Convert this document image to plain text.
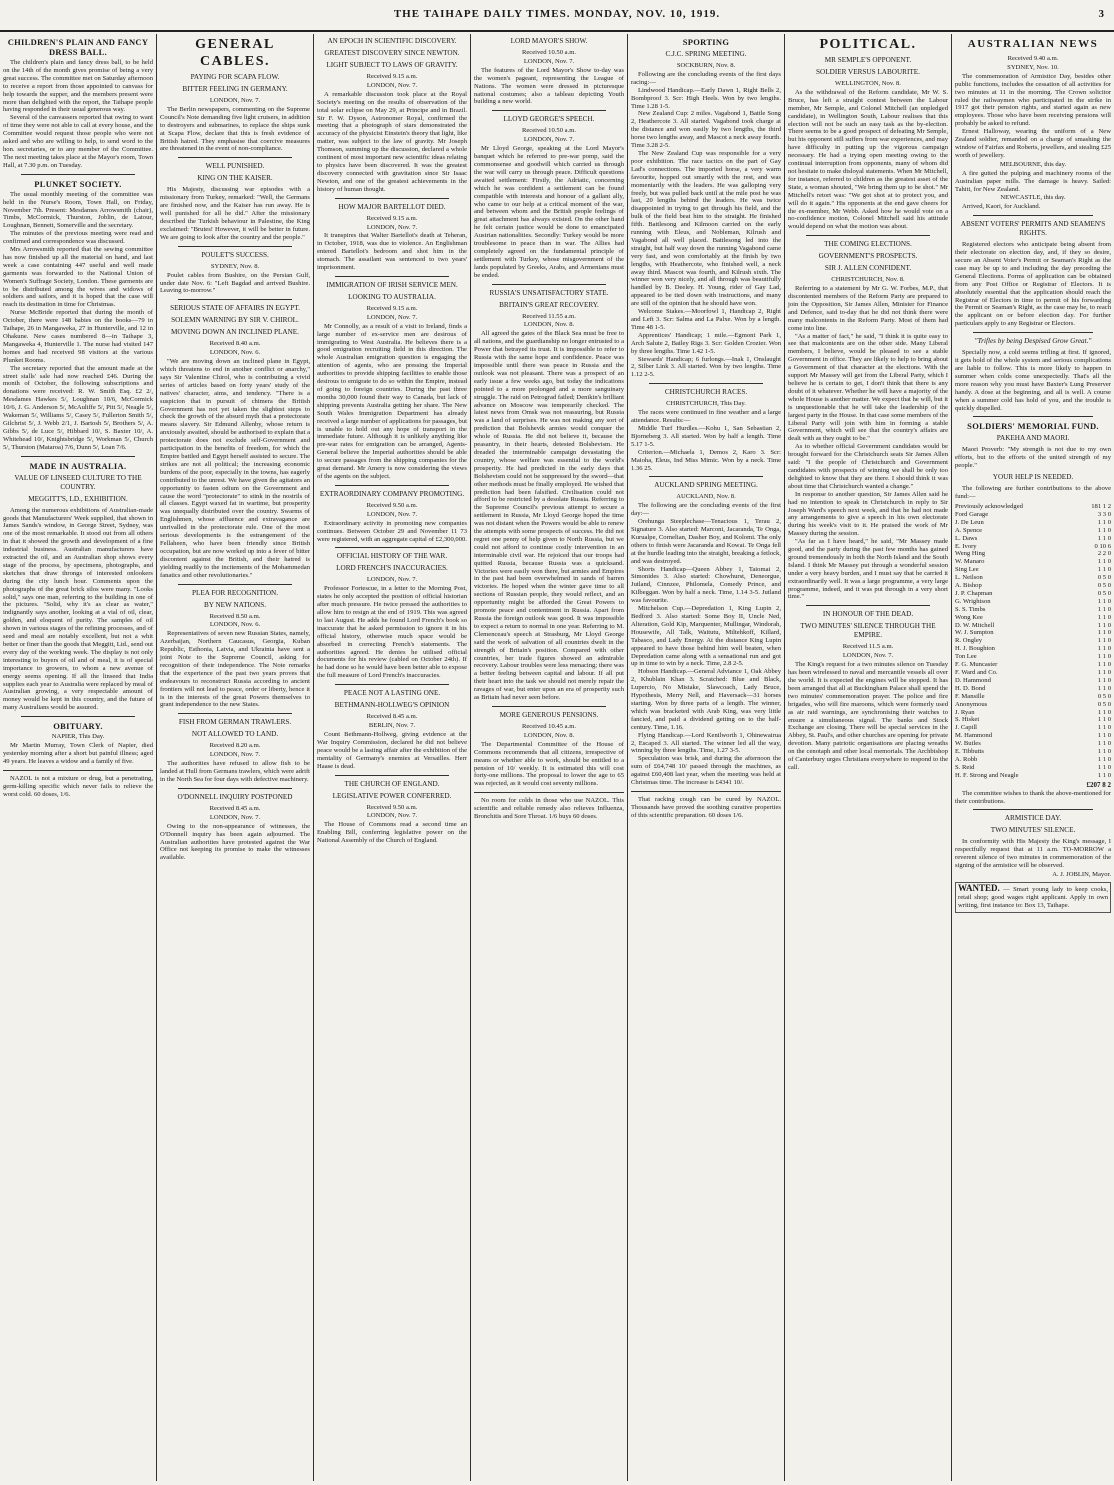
THE TAIHAPE DAILY TIMES. MONDAY, NOV. 10, 1919.	3
CHILDREN'S PLAIN AND FANCY DRESS BALL.

The children's plain and fancy dress ball, to be held on the 14th of the month gives promise of being a very great success. The committee met on Saturday afternoon to receive a report from those appointed to canvass for help towards the supper, and the members present were more than delighted with the report, the Taihape people having responded in their usual generous way.

Several of the canvassers reported that owing to want of time they were not able to call at every house, and the Committee would request those people who were not asked and who are willing to help, to send word to the hon. secretaries, or to any member of the Committee. The next meeting takes place at the Mayor's room, Town Hall, at 7.30 p.m. on Tuesday.

PLUNKET SOCIETY.

The usual monthly meeting of the committee was held in the Nurse's Room, Town Hall, on Friday, November 7th. Present: Mesdames Arrowsmith (chair), Timbs, McCormick, Thurston, Joblin, de Latour, Loughnan, Bennett, Somerville and the secretary.

The minutes of the previous meeting were read and confirmed and correspondence was discussed.

Mrs Arrowsmith reported that the sewing committee has now finished up all the material on hand, and last week a case containing 447 useful and well made garments was forwarded to the National Union of Women's Suffrage Society, London. These garments are to be distributed among the wives and widows of soldiers and sailors, and it is hoped that the case will reach its destination in time for Christmas.

Nurse McBride reported that during the month of October, there were 148 babies on the books—79 in Taihape, 26 in Mangaweka, 27 in Hunterville, and 12 in Ohakune. New cases numbered 8—in Taihape 3, Mangaweka 4, Hunterville 1. The nurse had visited 147 homes and had received 98 visitors at the various Plunket Rooms.

The secretary reported that the amount made at the street stalls' sale had now reached £46. During the month of October, the following subscriptions and donations were received: R. W. Smith Esq. £2 2/, Mesdames Hawkes 5/, Loughnan 10/6, McCormick 10/6, J. G. Anderson 5/, McAuliffe 5/, Pitt 5/, Neagle 5/, Wakeman 5/, Williams 5/, Casey 5/, Fullerton Smith 5/, Gilchrist 5/, J. Webb 2/1, J. Bartosh 5/, Brothers 5/, A. Gibbs 5/, de Luce 5/, Hibbard 10/, S. Baxter 10/, A. Whitehead 10/, Knightsbridge 5/, Workman 5/, Church 5/, Thurston (Mataroa) 7/6, Dunn 5/, Loan 7/6.

MADE IN AUSTRALIA.
VALUE OF LINSEED CULTURE TO THE COUNTRY.
MEGGITT'S, LD., EXHIBITION.

Among the numerous exhibitions of Australian-made goods that Manufacturers' Week supplied, that shown in James Sands's window, in George Street, Sydney, was one of the most remarkable. It stood out from all others in that it showed the growth and development of a fine industrial business. Australian manufacturers have extracted the oil, and an Australian shop shows every stage of the process, by specimens, photographs, and sketches that draw throngs of interested onlookers during the city lunch hour. Comments upon the photographs of the great brick silos were many. "Looks solid," says one man, referring to the building in one of the pictures. "Solid, why it's as clear as water," indignantly says another, looking at a vial of oil, clear, golden, and eloquent of purity. The samples of oil shown in various stages of the refining processes, and of seed and meal are notably excellent, but not a whit better or finer than the goods that Meggitt, Ltd., send out every day of the working week. The display is not only interesting to buyers of oil and of meal, it is of special importance to growers, to whom a new avenue of energy seems opening. If all the linseed that India supplies each year to Australia were replaced by meal of Australian growing, a very respectable amount of money would be kept in this country, and the future of many Australians would be assured.

OBITUARY.
NAPIER, This Day.

Mr Martin Murray, Town Clerk of Napier, died yesterday morning after a short but painful illness; aged 49 years. He leaves a widow and a family of five.

NAZOL is not a mixture or drug, but a penetrating, germ-killing specific which never fails to relieve the worst cold. 60 doses, 1/6.

GENERAL CABLES.
PAYING FOR SCAPA FLOW.
BITTER FEELING IN GERMANY.
LONDON, Nov. 7.

The Berlin newspapers, commenting on the Supreme Council's Note demanding five light cruisers, in addition to destroyers and submarines, to replace the ships sunk at Scapa Flow, declare that this is fresh evidence of British hatred. They emphasise that coercive measures are threatened in the event of non-compliance.

WELL PUNISHED.
KING ON THE KAISER.

His Majesty, discussing war episodes with a missionary from Turkey, remarked: "Well, the Germans are finished now, and the Kaiser has run away. He is well punished for all he did." After the missionary described the Turkish behaviour in Palestine, the King exclaimed: "Brutes! However, it will be better in future. We are going to look after the country and the people."

POULET'S SUCCESS.
SYDNEY, Nov. 8.

Poulet cables from Bushire, on the Persian Gulf, under date Nov. 6: "Left Bagdad and arrived Bushire. Leaving to-morrow."

SERIOUS STATE OF AFFAIRS IN EGYPT.
SOLEMN WARNING BY SIR V. CHIROL.
MOVING DOWN AN INCLINED PLANE.
Received 8.40 a.m.
LONDON, Nov. 6.

"We are moving down an inclined plane in Egypt, which threatens to end in another conflict or anarchy," says Sir Valentine Chirol, who is contributing a vivid series of articles based on forty years' study of the natives' character, aims, and tendency. "There is a suspicion that in pursuit of chimera the British Government has not yet taken the slightest steps to check the growth of the absurd myth that a protectorate means slavery. Sir Edmund Allenby, whose return is anxiously awaited, should be authorised to explain that a protectorate does not exclude self-Government and participation in the benefits of freedom, for which the Empire battled and Egypt herself assisted to secure. The strikes are not all political; the increasing economic burdens of the poor, especially in the towns, has eagerly contributed to the unrest. We have given the agitators an opportunity to fasten odium on the Government and cause the word "protectorate" to stink in the nostrils of all classes. Egypt waxed fat in wartime, but prosperity was unequally distributed over the country. Swarms of Englishmen, whose affluence and extravagance are unrivalled in the protectorate rule. One of the most serious developments is the estrangement of the Fellaheen, who have been friendly since British occupation, but are now worked up into a fever of bitter discontent against the British, and their hatred is yielding readily to the incitements of the Mohammedan fanatics and other revolutionaries."

PLEA FOR RECOGNITION.
BY NEW NATIONS.
Received 8.50 a.m.
LONDON, Nov. 6.

Representatives of seven new Russian States, namely, Azerbaijan, Northern Caucasus, Georgia, Kuban Republic, Esthonia, Latvia, and Ukrainia have sent a joint Note to the Supreme Council, asking for recognition of their independence. The Note remarks that the experience of the past two years proves that endeavours to reconstruct Russia according to ancient frontiers will not lead to peace, order or liberty, hence it is in the interests of the great Powers themselves to grant independence to the new States.

FISH FROM GERMAN TRAWLERS.
NOT ALLOWED TO LAND.
Received 8.20 a.m.
LONDON, Nov. 7.

The authorities have refused to allow fish to be landed at Hull from Germans trawlers, which were adrift in the North Sea for four days with defective machinery.

O'DONNELL INQUIRY POSTPONED
Received 8.45 a.m.
LONDON, Nov. 7.

Owing to the non-appearance of witnesses, the O'Donnell inquiry has been again adjourned. The Australian authorities have protested against the War Office not keeping its promise to make the witnesses available.

AN EPOCH IN SCIENTIFIC DISCOVERY.
GREATEST DISCOVERY SINCE NEWTON.
LIGHT SUBJECT TO LAWS OF GRAVITY.
Received 9.15 a.m.
LONDON, Nov. 7.

A remarkable discussion took place at the Royal Society's meeting on the results of observation of the total solar eclipse on May 29, at Principe and in Brazil. Sir F. W. Dyson, Astronomer Royal, confirmed the meeting that a photograph of stars demonstrated the accuracy of the physicist Einstein's theory that light, like matter, was subject to the law of gravity. Mr Joseph Thomson, summing up the discussion, declared a whole continent of most important new scientific ideas relating to physics have been discovered. It was the greatest discovery connected with gravitation since Sir Isaac Newton, and one of the greatest achievements in the history of human thought.

HOW MAJOR BARTELLOT DIED.
Received 9.15 a.m.
LONDON, Nov. 7.

It transpires that Walter Bartellot's death at Teheran, in October, 1918, was due to violence. An Englishman entered Bartellot's bedroom and shot him in the stomach. The assailant was sentenced to two years' imprisonment.

IMMIGRATION OF IRISH SERVICE MEN.
LOOKING TO AUSTRALIA.
Received 9.15 a.m.
LONDON, Nov. 7.

Mr Connolly, as a result of a visit to Ireland, finds a large number of ex-service men are desirous of immigrating to West Australia. He believes there is a good emigration recruiting field in this direction. The whole Australian emigration question is engaging the attention of agents, who are pressing the Imperial authorities to provide shipping facilities to enable those desirous to emigrate to do so within the Empire, instead of going to foreign countries. During the past three months 30,000 found their way to Canada, but lack of shipping prevents Australia getting her share. The New South Wales Immigration Department has already received a large number of applications for passages, but is unable to hold out any hope of transport in the immediate future. Although it is unlikely anything like pre-war rates for emigration can be arranged, Agents-General believe the Imperial authorities should be able to secure passages from the shipping companies for the great demand. Mr Amery is now considering the views of the agents on the subject.

EXTRAORDINARY COMPANY PROMOTING.
Received 9.50 a.m.
LONDON, Nov. 7.

Extraordinary activity in promoting new companies continues. Between October 29 and November 11 73 were registered, with an aggregate capital of £2,300,000.

OFFICIAL HISTORY OF THE WAR.
LORD FRENCH'S INACCURACIES.
LONDON, Nov. 7.

Professor Fortescue, in a letter to the Morning Post, states he only accepted the position of official historian after much pressure. He twice pressed the authorities to allow him to resign at the end of 1919. This was agreed to last August. He adds he found Lord French's book so inaccurate that he asked permission to ignore it in his official history, otherwise much space would be absorbed in correcting French's statements. The authorities agreed. He denies he utilised official documents for his review (cabled on October 24th). If he had done so he would have been better able to expose the full measure of Lord French's inaccuracies.

PEACE NOT A LASTING ONE.
BETHMANN-HOLLWEG'S OPINION
Received 8.45 a.m.
BERLIN, Nov. 7.

Count Bethmann-Hollweg, giving evidence at the War Inquiry Commission, declared he did not believe peace would be a lasting affair after the exhibition of the mentality of Germany's enemies at Versailles. Herr Haase is dead.

THE CHURCH OF ENGLAND.
LEGISLATIVE POWER CONFERRED.
Received 9.50 a.m.
LONDON, Nov. 7.

The House of Commons read a second time an Enabling Bill, conferring legislative power on the National Assembly of the Church of England.

LORD MAYOR'S SHOW.
Received 10.50 a.m.
LONDON, Nov. 7.

The features of the Lord Mayor's Show to-day was the women's pageant, representing the League of Nations. The women were dressed in picturesque national costumes; also a tableau depicting Youth building a new world.

LLOYD GEORGE'S SPEECH.
Received 10.50 a.m.
LONDON, Nov. 7.

Mr Lloyd George, speaking at the Lord Mayor's banquet which he referred to pre-war pomp, said the commonsense and goodwill which carried us through the war will carry us through peace. Difficult questions awaited settlement: Firstly, the Adriatic, concerning which he was confident a settlement can be found compatible with interests and honour of a gallant ally, who came to our help at a critical moment of the war, and between whom and the British people feelings of great attachment has always existed. On the other hand he felt certain justice would be done to emancipated Austrian nationalities. Secondly: Turkey would be more troublesome in peace than in war. The Allies had completely agreed on the fundamental principle of settlement with Turkey, whose misgovernment of the lands populated by Greeks, Arabs, and Armenians must be ended.

RUSSIA'S UNSATISFACTORY STATE.
BRITAIN'S GREAT RECOVERY.
Received 11.55 a.m.
LONDON, Nov. 8.

All agreed the gates of the Black Sea must be free to all nations, and the guardianship no longer entrusted to a Power that betrayed its trust. It is impossible to refer to Russia with the same hope and confidence. Peace was impossible until there was peace in Russia and the outlook was not pleasant. There was a prospect of an early issue a few weeks ago, but today the indications pointed to a more prolonged and a more sanguinary struggle. The raid on Petrograd failed; Denikin's brilliant advance on Moscow was temporarily checked. The latest news from Omsk was not reassuring, but Russia was a land of surprises. He was not making any sort of prediction that Bolshevik armies would conquer the whole of Russia. He did not believe it, because the peasantry, in their hearts, detested Bolshevism. He dreaded the interminable campaign devastating the country, whose welfare was essential to the world's prosperity. He had predicted in the early days that Bolshevism could not be suppressed by the sword—that other methods must be finally employed. He wished that prediction had been falsified. Civilisation could not afford to be restricted by a desolate Russia. Referring to the Supreme Council's previous attempt to secure a settlement in Russia, Mr Lloyd George hoped the time was not distant when the Powers would be able to renew the attempts with some prospects of success. He did not regret one penny of help given to North Russia, but we could not afford to continue costly intervention in an interminable civil war. He rejoiced that our troops had quitted Russia, because Russia was a quicksand. Victories were easily won there, but armies and Empires in the past had been overwhelmed in sands of barren victories. He hoped when the winter gave time to all sections of Russian people, they would reflect, and an opportunity might be afforded the Great Powers to promote peace and contentment in Russia. Apart from Russia the foreign outlook was good. It was impossible to expect a return to normal in one year. Referring to M. Clemenceau's speech at Strasburg, Mr Lloyd George said the work of salvation of all countries dwelt in the strength of Britain's position. Compared with other countries, her trade figures showed an admirable recovery. Labour troubles were less menacing; there was a better feeling between capital and labour. If all put their heart into the task we should not merely repair the ravages of war, but enter upon an era of prosperity such as Britain had never seen before.

MORE GENEROUS PENSIONS.
Received 10.45 a.m.
LONDON, Nov. 8.

The Departmental Committee of the House of Commons recommends that all citizens, irrespective of means or whether able to work, should be entitled to a pension of 10/ weekly. It is estimated this will cost forty-one millions. The proposal to lower the age to 65 was rejected, as it would cost seventy millions.

No room for colds in those who use NAZOL. This scientific and reliable remedy also relieves Influenza, Bronchitis and Sore Throat. 1/6 buys 60 doses.

SPORTING
C.J.C. SPRING MEETING.
SOCKBURN, Nov. 8.

Following are the concluding events of the first days racing:—

Lindwood Handicap.—Early Dawn 1, Right Bells 2, Bombproof 3. Scr: High Heels. Won by two lengths. Time 1.28 1-5.

New Zealand Cup: 2 miles. Vagabond 1, Battle Song 2, Heathercote 3. All started. Vagabond took charge at the distance and won easily by two lengths, the third horse two lengths away, and Mascot a neck away fourth. Time 3.28 2-5.

The New Zealand Cup was responsible for a very poor exhibition. The race tactics on the part of Gay Lad's connections. The imported horse, a very warm favourite, hopped out smartly with the rest, and was momentarily with the leaders. He was galloping very freely, but was pulled back until at the mile post he was last, 20 lengths behind the leaders. He was twice disappointed in trying to get through his field, and the bulk of the field beat him to the straight. He finished fifth. Battlesong and Kilmoon carried on the early running with Eleus, and Nobleman, Kilrush and Vagabond all well placed. Battlesong led into the straight, but half way down the running Vagabond came very fast, and won comfortably at the finish by two lengths, with Heathercote, who finished well, a neck away third. Mascot was fourth, and Kilrush sixth. The winner won very nicely, and all through was beautifully handled by B. Deeley. H. Young, rider of Gay Lad, appeared to be tied down with instructions, and many are still of the opinion that he should have won.

Welcome Stakes.—Moorfowl 1, Handicap 2, Right and Left 3. Scr: Salma and La Palxe. Won by a length. Time 48 1-5.

Apprentices' Handicap; 1 mile.—Egmont Park 1, Arch Salute 2, Bailey Rigs 3. Scr: Golden Crozier. Won by three lengths. Time 1.42 1-5.

Stewards' Handicap; 6 furlongs.—Inak 1, Onslaught 2, Silber Link 3. All started. Won by two lengths. Time 1.12 2-5.

CHRISTCHURCH RACES.
CHRISTCHURCH, This Day.

The races were continued in fine weather and a large attendance. Results:—

Middle Turf Hurdles.—Kohu 1, San Sebastian 2, Bjorneberg 3. All started. Won by half a length. Time 5.17 1-5.

Criterion.—Michaela 1, Demos 2, Karo 3. Scr: Maioha, Eleus, Ind Miss Mimic. Won by a neck. Time 1.36 25.

AUCKLAND SPRING MEETING.
AUCKLAND, Nov. 8.

The following are the concluding events of the first day:—

Orehunga Steeplechase—Tenacious 1, Terau 2, Signature 3. Also started: Marconi, Jacaranda, Te Onga, Kurualpe, Cornelian, Dasher Boy, and Kolomi. The only others to finish were Jacaranda and Kowai. Te Onga fell at the hurdle leading into the straight, breaking a fetlock, and was destroyed.

Shorts Handicap—Queen Abbey 1, Taiomai 2, Simonides 3. Also started: Chowhurst, Deneorgue, Jutland, Cinnzee, Philomela, Comedy Prince, and Kilbeggan. Won by half a neck. Time, 1.14 3-5. Jutland was favourite.

Mitchelson Cup.—Depredation 1, King Lupin 2, Bedford 3. Also started: Some Boy II, Uncle Ned, Alteration, Gold Kip, Marquenter, Mullingar, Windorah, Housewife, All Talk, Waitutu, Miltehkoff, Killard, Tabasco, and Lady Energy. At the distance King Lupin appeared to have those behind him well beaten, when Depredation came along with a sensational run and got up in time to win by a neck. Time, 2.8 2-5.

Hobson Handicap.—General Adviance 1, Oak Abbey 2, Khublain Khan 3. Scratched: Blue and Black, Lupercio, No Mistake, Slawcoach, Lady Bruce, Hypothesis, Merry Nell, and Haversack—31 horses starting. Won by three parts of a length. The winner, which was bracketed with Arab King, was very little fancied, and paid a dividend getting on to the half-century. Time, 1.16.

Flying Handicap.—Lord Kenilworth 1, Ohinewairua 2, Escaped 3. All started. The winner led all the way, winning by three lengths. Time, 1.27 3-5.

Speculation was brisk, and during the afternoon the sum of £64,748 10/ passed through the machines, as against £60,408 last year, when the meeting was held at Christmas time. The increase is £4341 10/.

That racking cough can be cured by NAZOL. Thousands have proved the soothing curative properties of this scientific preparation. 60 doses 1/6.

POLITICAL.
MR SEMPLE'S OPPONENT.
SOLDIER VERSUS LABOURITE.
WELLINGTON, Nov. 8.

As the withdrawal of the Reform candidate, Mr W. S. Bruce, has left a straight contest between the Labour member, Mr Semple, and Colonel Mitchell (an unpledged candidate), in Wellington South, Labour realises that this election will not be such an easy task as the by-election. There seems to be a good prospect of defeating Mr Semple, but his opponent still suffers from war experiences, and may have difficulty in putting up the vigorous campaign necessary. He had a trying open meeting owing to the continual interruption from opponents, many of whom did not hesitate to make disloyal statements. When Mr Mitchell, for instance, referred to children as the greatest asset of the State, a woman shouted, "We bring them up to be shot." Mr Mitchell's retort was: "We got shot at to protect you, and will do it again." His opponents at the end gave cheers for the ex-member, Mr Webb. Asked how he would vote on a no-confidence motion, Colonel Mitchell said his attitude would depend on what the motion was about.

THE COMING ELECTIONS.
GOVERNMENT'S PROSPECTS.
SIR J. ALLEN CONFIDENT.
CHRISTCHURCH, Nov. 8.

Referring to a statement by Mr G. W. Forbes, M.P., that discontented members of the Reform Party are prepared to join the Opposition, Sir James Allen, Minister for Finance and Defence, said to-day that he did not think there were many malcontents in the Reform Party. Most of them had come into line.

"As a matter of fact," he said, "I think it is quite easy to see that malcontents are on the other side. Many Liberal members, I believe, would be pleased to see a stable Government in office. They are likely to help to bring about a Government of that character at the elections. With the support Mr Massey will get from the Liberal Party, which I believe he is certain to get, I don't think that there is any doubt of it whatever. Whether he will have a majority of the whole House is another matter. We expect that he will, but it is unquestionable that he will take the leadership of the largest party in the House. In that case some members of the Liberal Party will join with him in forming a stable Government, which will see that the country's affairs are dealt with as they ought to be."

As to whether official Government candidates would be brought forward for the Christchurch seats Sir James Allen said: "I the people of Christchurch and Government candidates with prospects of winning we shall be only too delighted to know that they are there. I should think it was about time that Christchurch wanted a change."

In response to another question, Sir James Allen said he had no intention to speak in Christchurch in reply to Sir Joseph Ward's speech next week, and that he had not made any arrangements to give a speech in his own electorate during his week's visit to it. He praised the work of Mr Massey during the session.

"As far as I have heard," he said, "Mr Massey made good, and the party during the past few months has gained ground tremendously in both the North Island and the South Island. I think Mr Massey put through a wonderful session under a very heavy burden, and I must say that he carried it extraordinarily well. It was a large programme, a very large programme, indeed, and it was put through in a very short time."

IN HONOUR OF THE DEAD.
TWO MINUTES' SILENCE THROUGH THE EMPIRE.
Received 11.5 a.m.
LONDON, Nov. 7.

The King's request for a two minutes silence on Tuesday has been wirelessed to naval and mercantile vessels all over the world. It is expected the engines will be stopped. It has been arranged that all at Buckingham Palace shall spend the two minutes' commemoration prayer. The police and fire brigades, who will fire maroons, which were formerly used as air raid warnings, are synchronising their watches to ensure a simultaneous signal. The banks and Stock Exchange are closing. There will be special services in the Abbey, St. Paul's, and other churches are opening for private devotion. Many patriotic organisations are placing wreaths on the cenotaph and other local memorials. The Archbishop of Canterbury urges Christians everywhere to respond to the call.

AUSTRALIAN NEWS
Received 9.40 a.m.
SYDNEY, Nov. 10.

The commemoration of Armistice Day, besides other public functions, includes the cessation of all activities for two minutes at 11 in the morning. The Crown solicitor ruled the railwaymen who participated in the strike in 1917 got their pension rights, and started again as new employees. Those who have been receiving pensions will probably be asked to refund.

Ernest Halloway, wearing the uniform of a New Zealand soldier, remanded on a charge of smashing the window of Fairfax and Roberts, jewellers, and stealing £25 worth of jewellery.

MELBOURNE, this day.

A fire gutted the pulping and machinery rooms of the Australian paper mills. The damage is heavy. Sailed: Tahiti, for New Zealand.

NEWCASTLE, this day.

Arrived, Kaori, for Auckland.

ABSENT VOTERS' PERMITS AND SEAMEN'S RIGHTS.

Registered electors who anticipate being absent from their electorate on election day, and, if they so desire, secure an Absent Voter's Permit or Seaman's Right as the case may be up to and including the day preceding the General Elections. Forms of application can be obtained from any Post Office or Registrar of Electors. It is absolutely essential that the application should reach the Registrar of Electors in time to permit of his forwarding the Permit or Seaman's Right, as the case may be, to reach the applicant on or before election day. For further particulars apply to any Registrar or Electors.

"Trifles by being Despised Grow Great."

Specially now, a cold seems trifling at first. If ignored, it gets hold of the whole system and serious complications are liable to follow. This is more likely to happen in summer when colds come unexpectedly. That's all the more reason why you must have Baxter's Lung Preserver handy. A dose at the beginning, and all is well. A course when a summer cold has hold of you, and the trouble is quickly dispelled.

SOLDIERS' MEMORIAL FUND.
PAKEHA AND MAORI.

Maori Proverb: "My strength is not due to my own efforts, but to the efforts of the united strength of my people."

YOUR HELP IS NEEDED.

The following are further contributions to the above fund:—

Previously acknowledged	181 1 2
Ford Garage	3 3 0
J. De Leun	1 1 0
A. Spence	1 1 0
L. Daws	1 1 0
E. Ivory	0 10 6
Weng Hing	2 2 0
W. Manaro	1 1 0
Sing Lee	1 1 0
L. Neilson	0 5 0
A. Bishop	0 5 0
J. P. Chapman	0 5 0
G. Wrightson	1 1 0
S. S. Timbs	1 1 0
Wong Kee	1 1 0
D. W. Mitchell	1 1 0
W. J. Sumpton	1 1 0
R. Ongley	1 1 0
H. J. Boughton	1 1 0
Ton Lee	1 1 0
F. G. Muncaster	1 1 0
F. Ward and Co.	1 1 0
D. Hammond	1 1 0
H. D. Bond	1 1 0
F. Mansille	0 5 0
Anonymous	0 5 0
J. Ryan	1 1 0
S. Hisket	1 1 0
J. Capill	1 1 0
M. Hammond	1 1 0
W. Butles	1 1 0
E. Tibbutts	1 1 0
A. Robb	1 1 0
S. Reid	1 1 0
H. F. Strong and Neagle	1 1 0
£207 8 2

The committee wishes to thank the above-mentioned for their contributions.

ARMISTICE DAY.
TWO MINUTES' SILENCE.

In conformity with His Majesty the King's message, I respectfully request that at 11 a.m. TO-MORROW a reverent silence of two minutes in commemoration of the signing of the armistice will be observed.

A. J. JOBLIN, Mayor.
WANTED. — Smart young lady to keep cooks, retail shop; good wages right applicant. Apply in own writing, first instance to: Box 13, Taihape.
